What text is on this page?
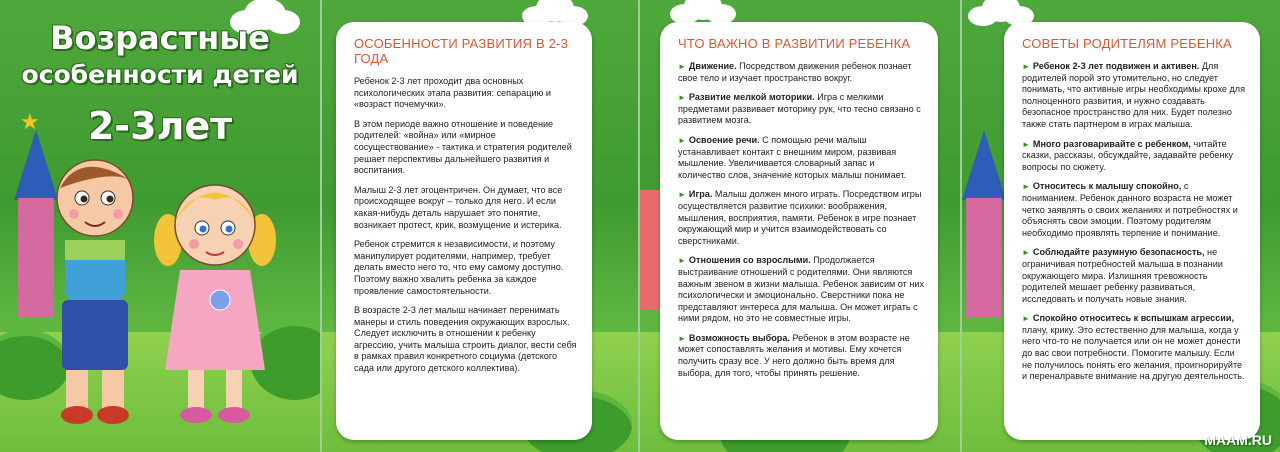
★
Возрастные
особенности детей
2-3лет
ОСОБЕННОСТИ РАЗВИТИЯ В 2-3 ГОДА

Ребенок 2-3 лет проходит два основных психологических этапа развития: сепарацию и «возраст почемучки».

В этом периоде важно отношение и поведение родителей: «война» или «мирное сосуществование» - тактика и стратегия родителей решает перспективы дальнейшего развития и воспитания.

Малыш 2-3 лет эгоцентричен. Он думает, что все происходящее вокруг – только для него. И если какая-нибудь деталь нарушает это понятие, возникает протест, крик, возмущение и истерика.

Ребенок стремится к независимости, и поэтому манипулирует родителями, например, требует делать вместо него то, что ему самому доступно. Поэтому важно хвалить ребенка за каждое проявление самостоятельности.

В возрасте 2-3 лет малыш начинает перенимать манеры и стиль поведения окружающих взрослых. Следует исключить в отношении к ребенку агрессию, учить малыша строить диалог, вести себя в рамках правил конкретного социума (детского сада или другого детского коллектива).

ЧТО ВАЖНО В РАЗВИТИИ РЕБЕНКА

► Движение. Посредством движения ребенок познает свое тело и изучает пространство вокруг.

► Развитие мелкой моторики. Игра с мелкими предметами развивает моторику рук, что тесно связано с развитием мозга.

► Освоение речи. С помощью речи малыш устанавливает контакт с внешним миром, развивая мышление. Увеличивается словарный запас и количество слов, значение которых малыш понимает.

► Игра. Малыш должен много играть. Посредством игры осуществляется развитие психики: воображения, мышления, восприятия, памяти. Ребенок в игре познает окружающий мир и учится взаимодействовать со сверстниками.

► Отношения со взрослыми. Продолжается выстраивание отношений с родителями. Они являются важным звеном в жизни малыша. Ребенок зависим от них психологически и эмоционально. Сверстники пока не представляют интереса для малыша. Он может играть с ними рядом, но это не совместные игры.

► Возможность выбора. Ребенок в этом возрасте не может сопоставлять желания и мотивы. Ему хочется получить сразу все. У него должно быть время для выбора, для того, чтобы принять решение.

СОВЕТЫ РОДИТЕЛЯМ РЕБЕНКА

► Ребенок 2-3 лет подвижен и активен. Для родителей порой это утомительно, но следует понимать, что активные игры необходимы крохе для полноценного развития, и нужно создавать безопасное пространство для них. Будет полезно также стать партнером в играх малыша.

► Много разговаривайте с ребенком, читайте сказки, рассказы, обсуждайте, задавайте ребенку вопросы по сюжету.

► Относитесь к малышу спокойно, с пониманием. Ребенок данного возраста не может четко заявлять о своих желаниях и потребностях и объяснять свои эмоции. Поэтому родителям необходимо проявлять терпение и понимание.

► Соблюдайте разумную безопасность, не ограничивая потребностей малыша в познании окружающего мира. Излишняя тревожность родителей мешает ребенку развиваться, исследовать и получать новые знания.

► Спокойно относитесь к вспышкам агрессии, плачу, крику. Это естественно для малыша, когда у него что-то не получается или он не может донести до вас свои потребности. Помогите малышу. Если не получилось понять его желания, проигнорируйте и переналравьте внимание на другую деятельность.

MAAM.RU
